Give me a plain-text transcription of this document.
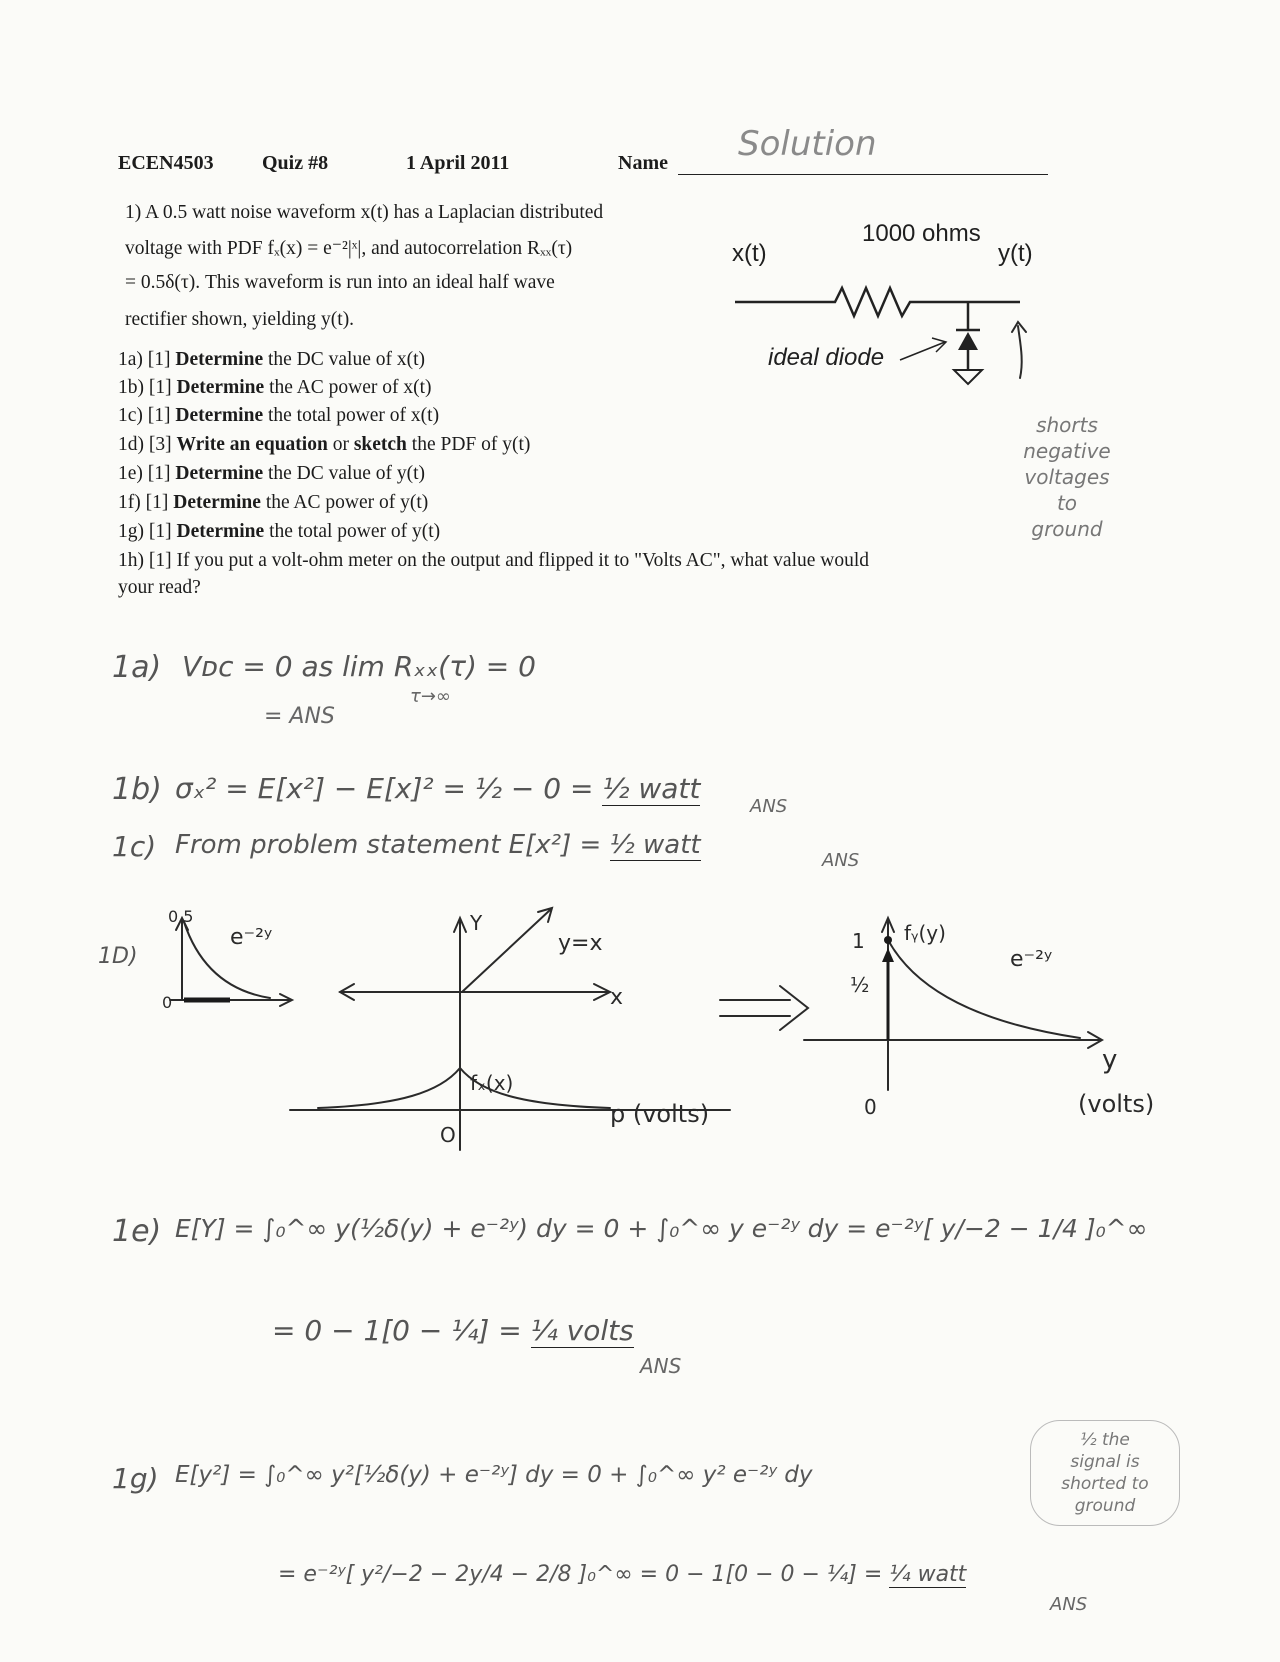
ECEN4503 Quiz #8	1 April 2011	Name Solution
1) A 0.5 watt noise waveform x(t) has a Laplacian distributed
voltage with PDF fₓ(x) = e⁻²|ˣ|, and autocorrelation Rₓₓ(τ)
= 0.5δ(τ). This waveform is run into an ideal half wave
rectifier shown, yielding y(t).
x(t)
1000 ohms
y(t)
ideal diode
shorts
negative
voltages to
ground
1a) [1] Determine the DC value of x(t)
1b) [1] Determine the AC power of x(t)
1c) [1] Determine the total power of x(t)
1d) [3] Write an equation or sketch the PDF of y(t)
1e) [1] Determine the DC value of y(t)
1f) [1] Determine the AC power of y(t)
1g) [1] Determine the total power of y(t)
1h) [1] If you put a volt-ohm meter on the output and flipped it to "Volts AC", what value would
your read?
1a) Vᴅᴄ = 0 as lim Rₓₓ(τ) = 0
τ→∞
= ANS
1b) σₓ² = E[x²] − E[x]² = ½ − 0 = ½ watt
ANS
1c) From problem statement E[x²] = ½ watt
ANS
1D)
0.5
0
e⁻²ʸ
Y
y=x
x
fₓ(x)
p (volts)
O
fᵧ(y)
1
½
e⁻²ʸ
y
(volts)
0
1e) E[Y] = ∫₀^∞ y(½δ(y) + e⁻²ʸ) dy = 0 + ∫₀^∞ y e⁻²ʸ dy = e⁻²ʸ[ y/−2 − 1/4 ]₀^∞
= 0 − 1[0 − ¼] = ¼ volts
ANS
1g) E[y²] = ∫₀^∞ y²[½δ(y) + e⁻²ʸ] dy = 0 + ∫₀^∞ y² e⁻²ʸ dy
= e⁻²ʸ[ y²/−2 − 2y/4 − 2/8 ]₀^∞ = 0 − 1[0 − 0 − ¼] = ¼ watt
ANS
½ the
signal is
shorted to
ground
